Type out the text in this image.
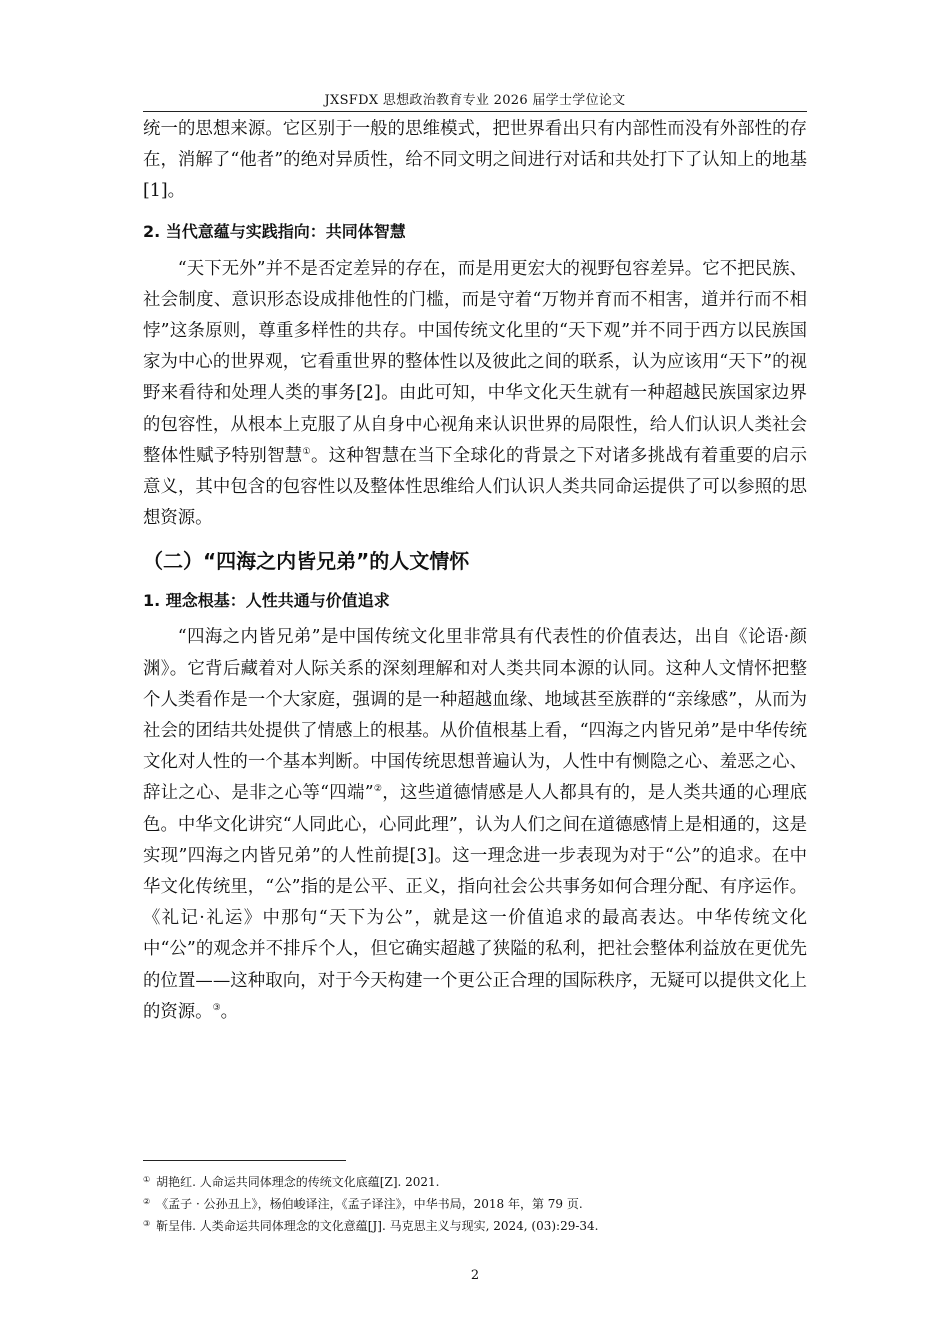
JXSFDX 思想政治教育专业 2026 届学士学位论文

统一的思想来源。它区别于一般的思维模式，把世界看出只有内部性而没有外部性的存在，消解了“他者”的绝对异质性，给不同文明之间进行对话和共处打下了认知上的地基[1]。

2. 当代意蕴与实践指向：共同体智慧

“天下无外”并不是否定差异的存在，而是用更宏大的视野包容差异。它不把民族、社会制度、意识形态设成排他性的门槛，而是守着“万物并育而不相害，道并行而不相悖”这条原则，尊重多样性的共存。中国传统文化里的“天下观”并不同于西方以民族国家为中心的世界观，它看重世界的整体性以及彼此之间的联系，认为应该用“天下”的视野来看待和处理人类的事务[2]。由此可知，中华文化天生就有一种超越民族国家边界的包容性，从根本上克服了从自身中心视角来认识世界的局限性，给人们认识人类社会整体性赋予特别智慧①。这种智慧在当下全球化的背景之下对诸多挑战有着重要的启示意义，其中包含的包容性以及整体性思维给人们认识人类共同命运提供了可以参照的思想资源。

（二）“四海之内皆兄弟”的人文情怀

1. 理念根基：人性共通与价值追求

“四海之内皆兄弟”是中国传统文化里非常具有代表性的价值表达，出自《论语·颜渊》。它背后藏着对人际关系的深刻理解和对人类共同本源的认同。这种人文情怀把整个人类看作是一个大家庭，强调的是一种超越血缘、地域甚至族群的“亲缘感”，从而为社会的团结共处提供了情感上的根基。从价值根基上看，“四海之内皆兄弟”是中华传统文化对人性的一个基本判断。中国传统思想普遍认为，人性中有恻隐之心、羞恶之心、辞让之心、是非之心等“四端”②，这些道德情感是人人都具有的，是人类共通的心理底色。中华文化讲究“人同此心，心同此理”，认为人们之间在道德感情上是相通的，这是实现”四海之内皆兄弟”的人性前提[3]。这一理念进一步表现为对于“公”的追求。在中华文化传统里，“公”指的是公平、正义，指向社会公共事务如何合理分配、有序运作。《礼记·礼运》中那句“天下为公”，就是这一价值追求的最高表达。中华传统文化中“公”的观念并不排斥个人，但它确实超越了狭隘的私利，把社会整体利益放在更优先的位置——这种取向，对于今天构建一个更公正合理的国际秩序，无疑可以提供文化上的资源。③。

① 胡艳红. 人命运共同体理念的传统文化底蕴[Z]. 2021.

② 《孟子 · 公孙丑上》，杨伯峻译注，《孟子译注》，中华书局，2018 年，第 79 页.

③ 靳呈伟. 人类命运共同体理念的文化意蕴[J]. 马克思主义与现实, 2024, (03):29-34.

2
